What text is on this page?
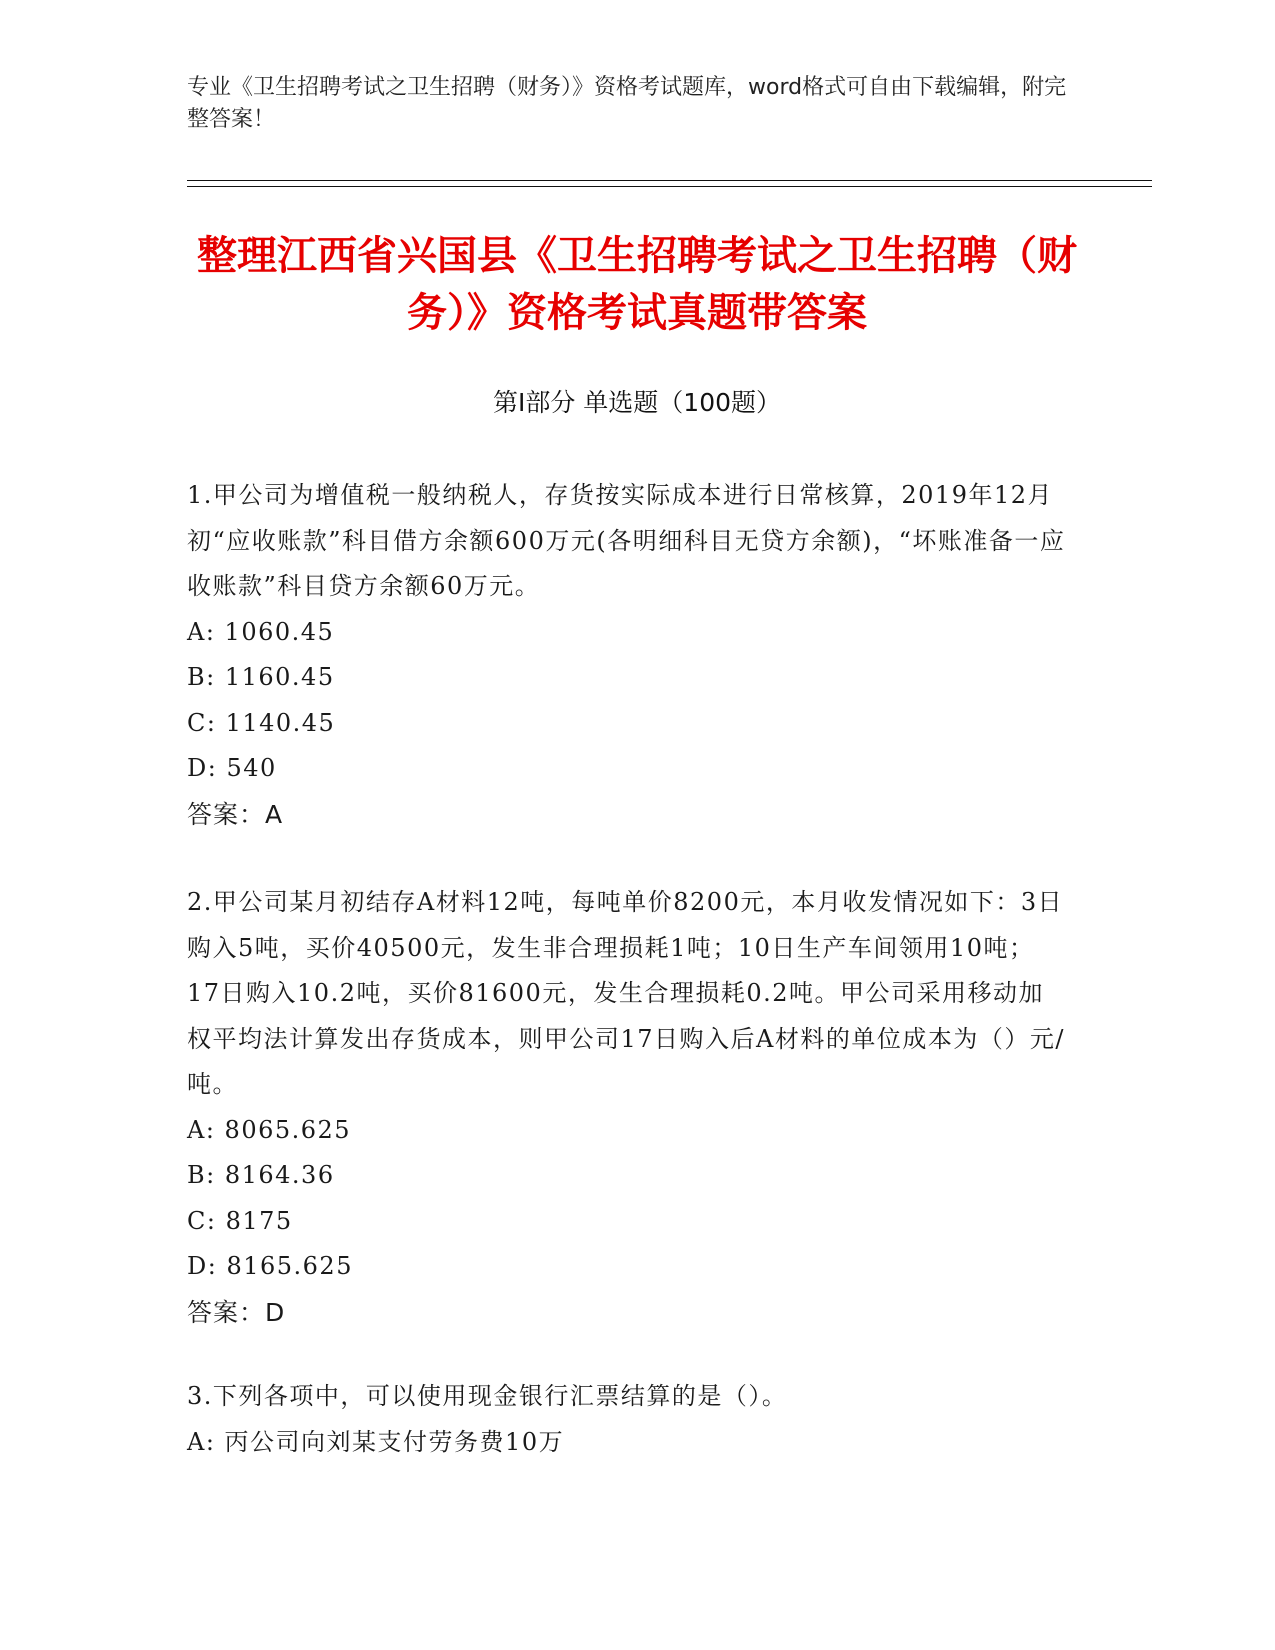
专业《卫生招聘考试之卫生招聘（财务）》资格考试题库，word格式可自由下载编辑，附完整答案！
整理江西省兴国县《卫生招聘考试之卫生招聘（财务）》资格考试真题带答案
第Ⅰ部分 单选题（100题）

1.甲公司为增值税一般纳税人，存货按实际成本进行日常核算，2019年12月初“应收账款”科目借方余额600万元(各明细科目无贷方余额)，“坏账准备一应收账款”科目贷方余额60万元。

A: 1060.45

B: 1160.45

C: 1140.45

D: 540

答案：A

2.甲公司某月初结存A材料12吨，每吨单价8200元，本月收发情况如下：3日购入5吨，买价40500元，发生非合理损耗1吨；10日生产车间领用10吨；17日购入10.2吨，买价81600元，发生合理损耗0.2吨。甲公司采用移动加权平均法计算发出存货成本，则甲公司17日购入后A材料的单位成本为（）元/吨。

A: 8065.625

B: 8164.36

C: 8175

D: 8165.625

答案：D

3.下列各项中，可以使用现金银行汇票结算的是（）。

A: 丙公司向刘某支付劳务费10万
